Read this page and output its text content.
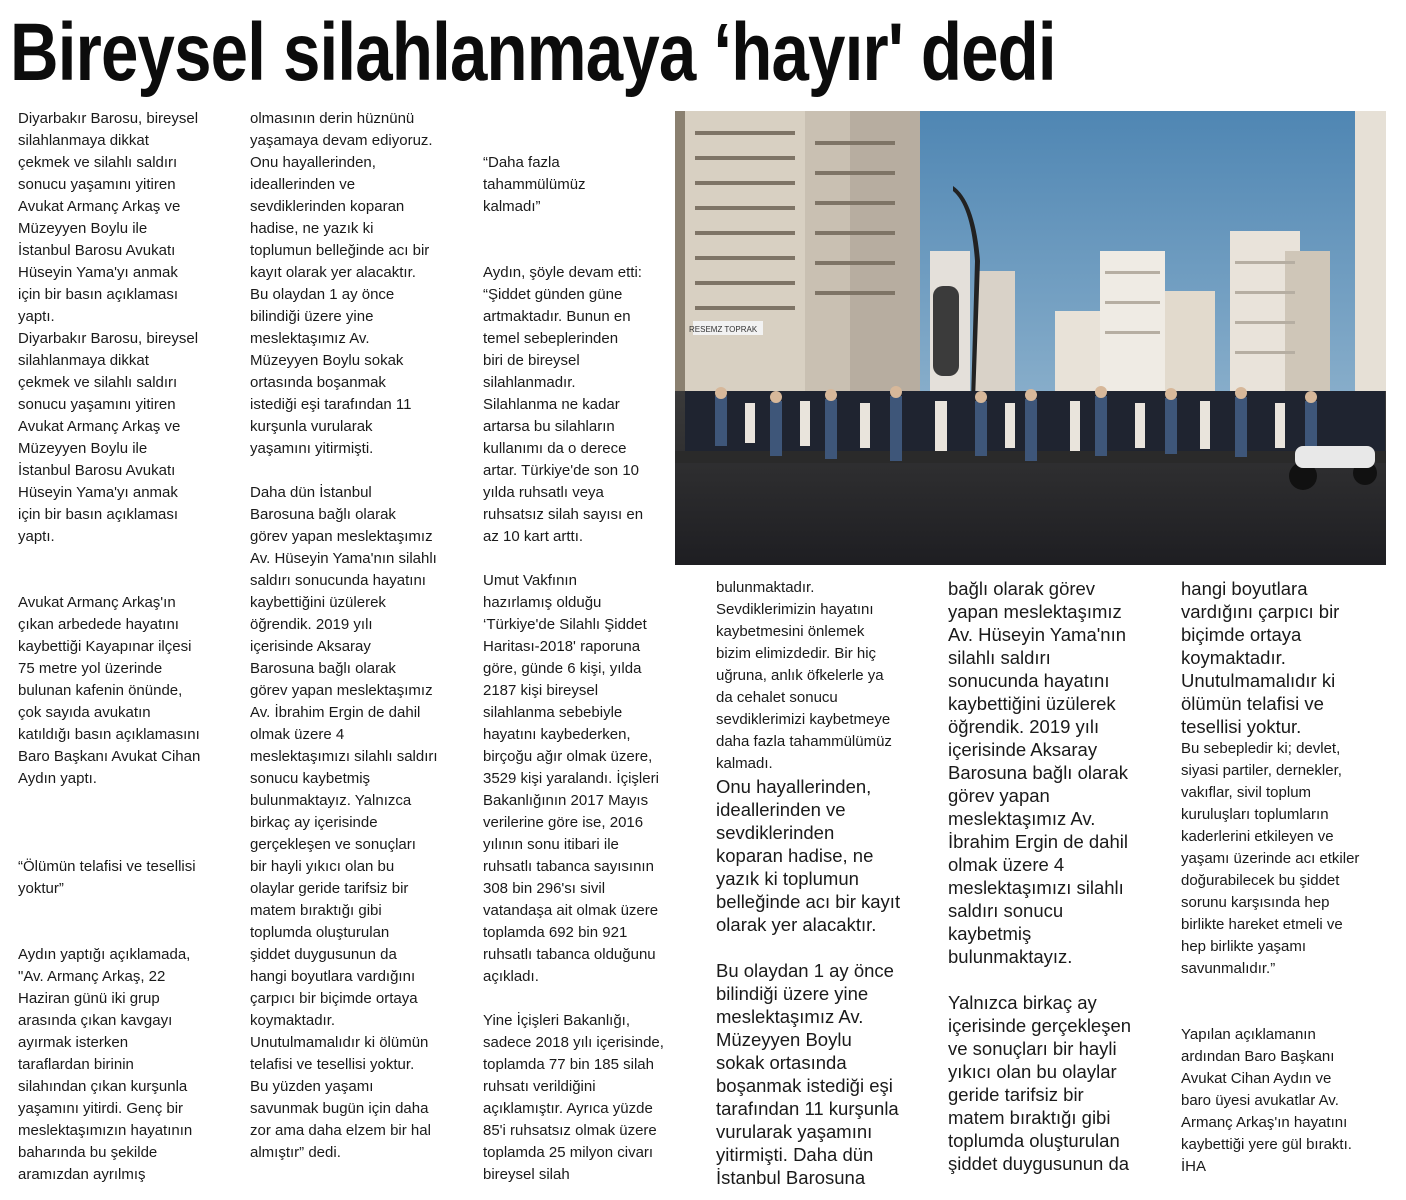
Bireysel silahlanmaya ‘hayır' dedi

Diyarbakır Barosu, bireysel
silahlanmaya dikkat
çekmek ve silahlı saldırı
sonucu yaşamını yitiren
Avukat Armanç Arkaş ve
Müzeyyen Boylu ile
İstanbul Barosu Avukatı
Hüseyin Yama'yı anmak
için bir basın açıklaması
yaptı.
Diyarbakır Barosu, bireysel
silahlanmaya dikkat
çekmek ve silahlı saldırı
sonucu yaşamını yitiren
Avukat Armanç Arkaş ve
Müzeyyen Boylu ile
İstanbul Barosu Avukatı
Hüseyin Yama'yı anmak
için bir basın açıklaması
yaptı.

Avukat Armanç Arkaş'ın
çıkan arbedede hayatını
kaybettiği Kayapınar ilçesi
75 metre yol üzerinde
bulunan kafenin önünde,
çok sayıda avukatın
katıldığı basın açıklamasını
Baro Başkanı Avukat Cihan
Aydın yaptı.

“Ölümün telafisi ve tesellisi
yoktur”

Aydın yaptığı açıklamada,
"Av. Armanç Arkaş, 22
Haziran günü iki grup
arasında çıkan kavgayı
ayırmak isterken
taraflardan birinin
silahından çıkan kurşunla
yaşamını yitirdi. Genç bir
meslektaşımızın hayatının
baharında bu şekilde
aramızdan ayrılmış

olmasının derin hüznünü
yaşamaya devam ediyoruz.
Onu hayallerinden,
ideallerinden ve
sevdiklerinden koparan
hadise, ne yazık ki
toplumun belleğinde acı bir
kayıt olarak yer alacaktır.
Bu olaydan 1 ay önce
bilindiği üzere yine
meslektaşımız Av.
Müzeyyen Boylu sokak
ortasında boşanmak
istediği eşi tarafından 11
kurşunla vurularak
yaşamını yitirmişti.

Daha dün İstanbul
Barosuna bağlı olarak
görev yapan meslektaşımız
Av. Hüseyin Yama'nın silahlı
saldırı sonucunda hayatını
kaybettiğini üzülerek
öğrendik. 2019 yılı
içerisinde Aksaray
Barosuna bağlı olarak
görev yapan meslektaşımız
Av. İbrahim Ergin de dahil
olmak üzere 4
meslektaşımızı silahlı saldırı
sonucu kaybetmiş
bulunmaktayız. Yalnızca
birkaç ay içerisinde
gerçekleşen ve sonuçları
bir hayli yıkıcı olan bu
olaylar geride tarifsiz bir
matem bıraktığı gibi
toplumda oluşturulan
şiddet duygusunun da
hangi boyutlara vardığını
çarpıcı bir biçimde ortaya
koymaktadır.
Unutulmamalıdır ki ölümün
telafisi ve tesellisi yoktur.
Bu yüzden yaşamı
savunmak bugün için daha
zor ama daha elzem bir hal
almıştır” dedi.

“Daha fazla
tahammülümüz
kalmadı”

Aydın, şöyle devam etti:
“Şiddet günden güne
artmaktadır. Bunun en
temel sebeplerinden
biri de bireysel
silahlanmadır.
Silahlanma ne kadar
artarsa bu silahların
kullanımı da o derece
artar. Türkiye'de son 10
yılda ruhsatlı veya
ruhsatsız silah sayısı en
az 10 kart arttı.

Umut Vakfının
hazırlamış olduğu
‘Türkiye'de Silahlı Şiddet
Haritası-2018' raporuna
göre, günde 6 kişi, yılda
2187 kişi bireysel
silahlanma sebebiyle
hayatını kaybederken,
birçoğu ağır olmak üzere,
3529 kişi yaralandı. İçişleri
Bakanlığının 2017 Mayıs
verilerine göre ise, 2016
yılının sonu itibari ile
ruhsatlı tabanca sayısının
308 bin 296'sı sivil
vatandaşa ait olmak üzere
toplamda 692 bin 921
ruhsatlı tabanca olduğunu
açıkladı.

Yine İçişleri Bakanlığı,
sadece 2018 yılı içerisinde,
toplamda 77 bin 185 silah
ruhsatı verildiğini
açıklamıştır. Ayrıca yüzde
85'i ruhsatsız olmak üzere
toplamda 25 milyon civarı
bireysel silah

RESEMZ TOPRAK

bulunmaktadır.
Sevdiklerimizin hayatını
kaybetmesini önlemek
bizim elimizdedir. Bir hiç
uğruna, anlık öfkelerle ya
da cehalet sonucu
sevdiklerimizi kaybetmeye
daha fazla tahammülümüz
kalmadı.

Onu hayallerinden,
ideallerinden ve
sevdiklerinden
koparan hadise, ne
yazık ki toplumun
belleğinde acı bir kayıt
olarak yer alacaktır.

Bu olaydan 1 ay önce
bilindiği üzere yine
meslektaşımız Av.
Müzeyyen Boylu
sokak ortasında
boşanmak istediği eşi
tarafından 11 kurşunla
vurularak yaşamını
yitirmişti. Daha dün
İstanbul Barosuna

bağlı olarak görev
yapan meslektaşımız
Av. Hüseyin Yama'nın
silahlı saldırı
sonucunda hayatını
kaybettiğini üzülerek
öğrendik. 2019 yılı
içerisinde Aksaray
Barosuna bağlı olarak
görev yapan
meslektaşımız Av.
İbrahim Ergin de dahil
olmak üzere 4
meslektaşımızı silahlı
saldırı sonucu
kaybetmiş
bulunmaktayız.

Yalnızca birkaç ay
içerisinde gerçekleşen
ve sonuçları bir hayli
yıkıcı olan bu olaylar
geride tarifsiz bir
matem bıraktığı gibi
toplumda oluşturulan
şiddet duygusunun da

hangi boyutlara
vardığını çarpıcı bir
biçimde ortaya
koymaktadır.
Unutulmamalıdır ki
ölümün telafisi ve
tesellisi yoktur.

Bu sebepledir ki; devlet,
siyasi partiler, dernekler,
vakıflar, sivil toplum
kuruluşları toplumların
kaderlerini etkileyen ve
yaşamı üzerinde acı etkiler
doğurabilecek bu şiddet
sorunu karşısında hep
birlikte hareket etmeli ve
hep birlikte yaşamı
savunmalıdır.”

Yapılan açıklamanın
ardından Baro Başkanı
Avukat Cihan Aydın ve
baro üyesi avukatlar Av.
Armanç Arkaş'ın hayatını
kaybettiği yere gül bıraktı.
İHA
